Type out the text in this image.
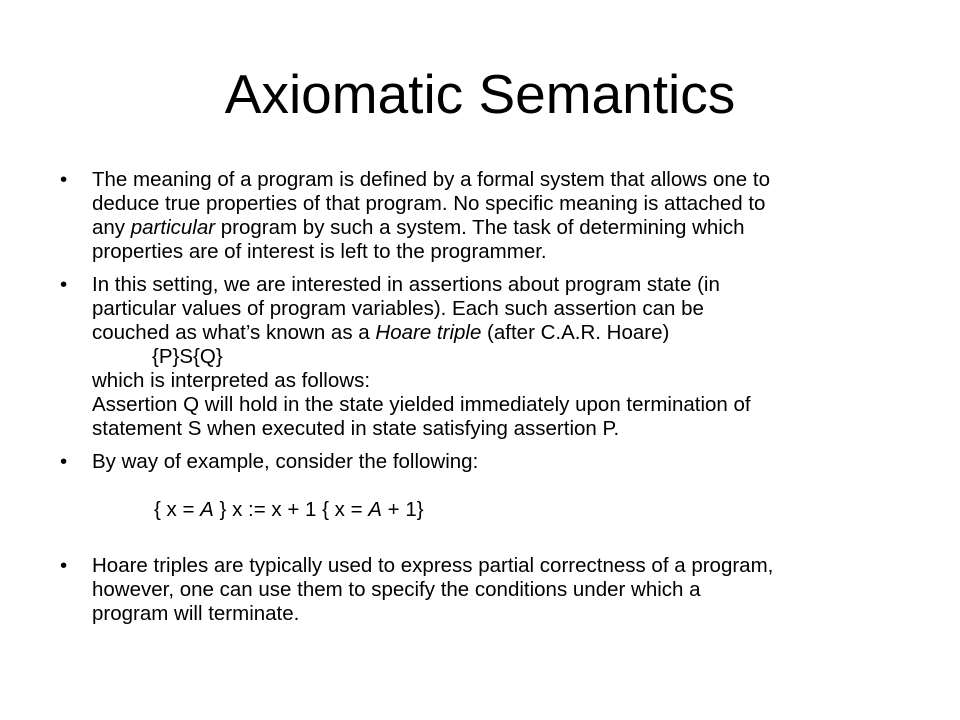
Axiomatic Semantics
• The meaning of a program is defined by a formal system that allows one to
deduce true properties of that program. No specific meaning is attached to
any particular program by such a system. The task of determining which
properties are of interest is left to the programmer.
• In this setting, we are interested in assertions about program state (in
particular values of program variables). Each such assertion can be
couched as what’s known as a Hoare triple (after C.A.R. Hoare)
{P}S{Q}
which is interpreted as follows:
Assertion Q will hold in the state yielded immediately upon termination of
statement S when executed in state satisfying assertion P.
• By way of example, consider the following:
{ x = A } x := x + 1 { x = A + 1}
• Hoare triples are typically used to express partial correctness of a program,
however, one can use them to specify the conditions under which a
program will terminate.
